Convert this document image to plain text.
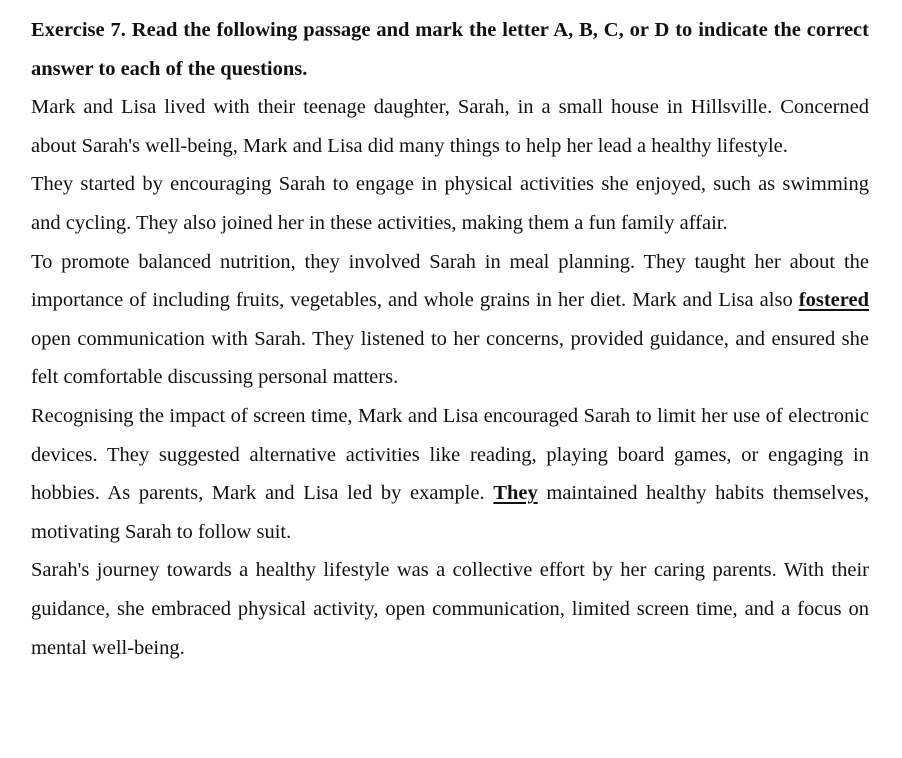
Exercise 7. Read the following passage and mark the letter A, B, C, or D to indicate the correct answer to each of the questions.

Mark and Lisa lived with their teenage daughter, Sarah, in a small house in Hillsville. Concerned about Sarah's well-being, Mark and Lisa did many things to help her lead a healthy lifestyle.

They started by encouraging Sarah to engage in physical activities she enjoyed, such as swimming and cycling. They also joined her in these activities, making them a fun family affair.

To promote balanced nutrition, they involved Sarah in meal planning. They taught her about the importance of including fruits, vegetables, and whole grains in her diet. Mark and Lisa also fostered open communication with Sarah. They listened to her concerns, provided guidance, and ensured she felt comfortable discussing personal matters.

Recognising the impact of screen time, Mark and Lisa encouraged Sarah to limit her use of electronic devices. They suggested alternative activities like reading, playing board games, or engaging in hobbies. As parents, Mark and Lisa led by example. They maintained healthy habits themselves, motivating Sarah to follow suit.

Sarah's journey towards a healthy lifestyle was a collective effort by her caring parents. With their guidance, she embraced physical activity, open communication, limited screen time, and a focus on mental well-being.
